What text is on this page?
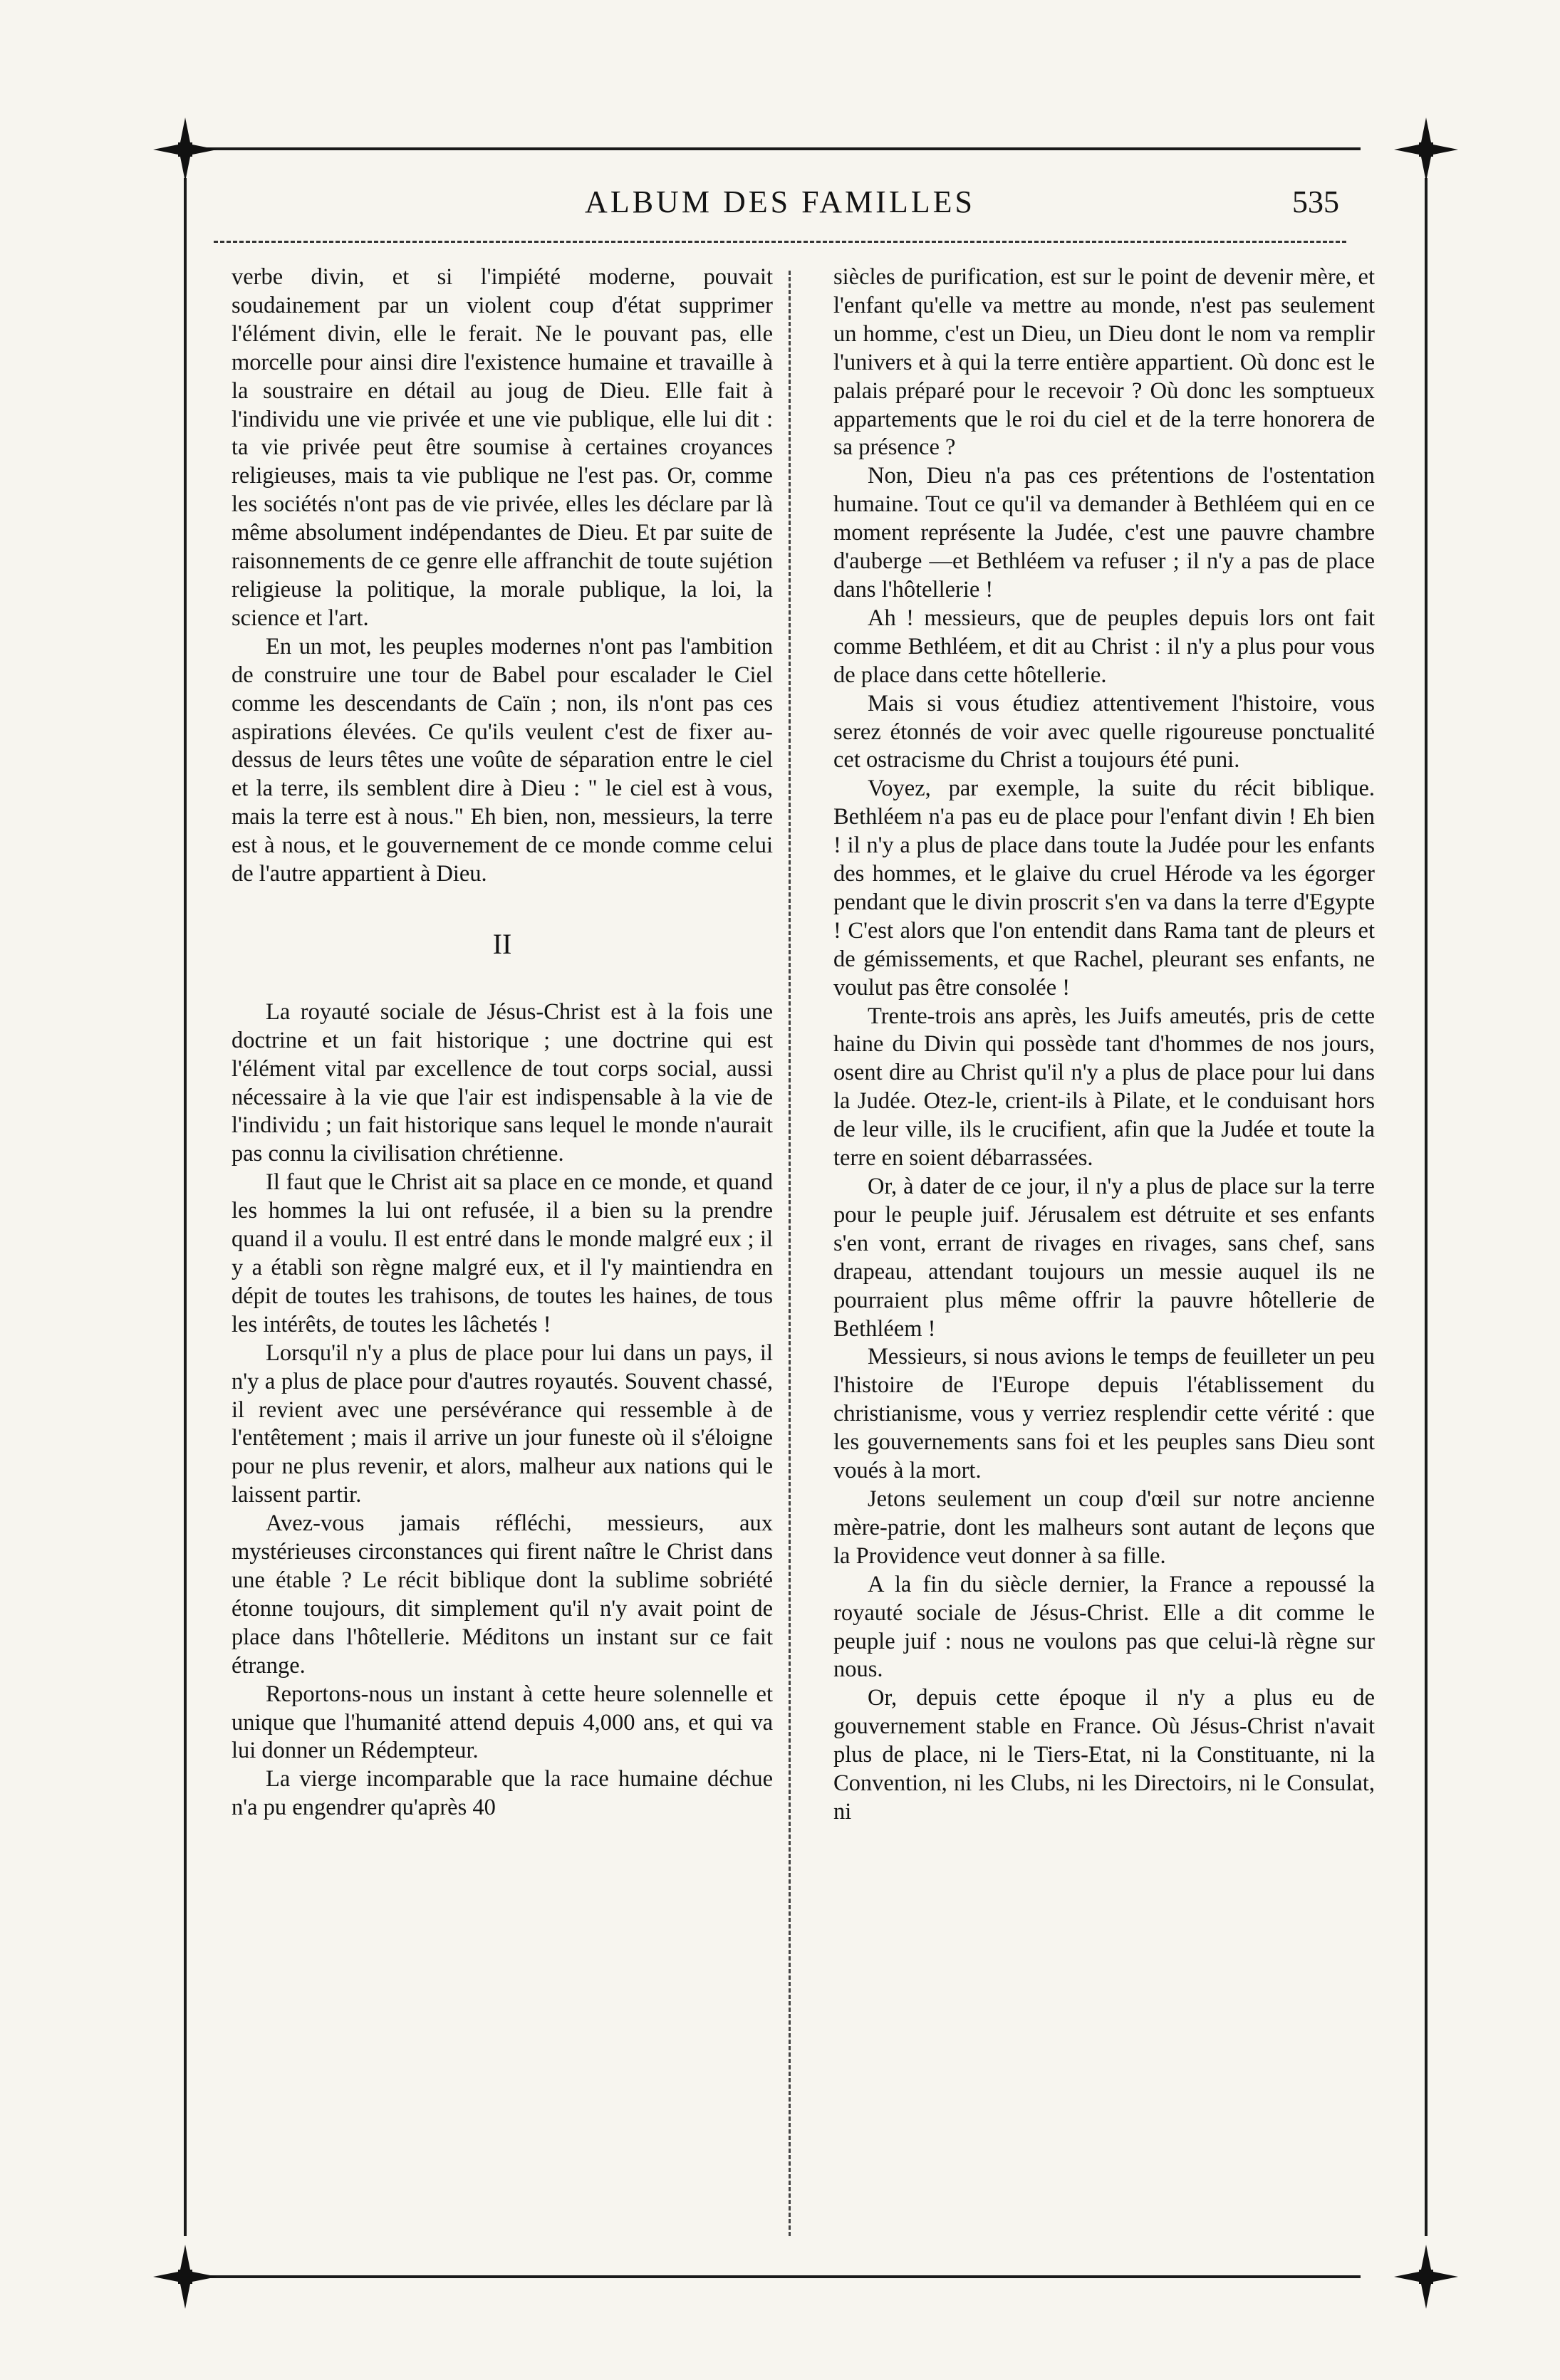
ALBUM DES FAMILLES	535

verbe divin, et si l'impiété moderne, pouvait soudainement par un violent coup d'état supprimer l'élément divin, elle le ferait. Ne le pouvant pas, elle morcelle pour ainsi dire l'existence humaine et travaille à la soustraire en détail au joug de Dieu. Elle fait à l'individu une vie privée et une vie publique, elle lui dit : ta vie privée peut être soumise à certaines croyances religieuses, mais ta vie publique ne l'est pas. Or, comme les sociétés n'ont pas de vie privée, elles les déclare par là même absolument indépendantes de Dieu. Et par suite de raisonnements de ce genre elle affranchit de toute sujétion religieuse la politique, la morale publique, la loi, la science et l'art.

En un mot, les peuples modernes n'ont pas l'ambition de construire une tour de Babel pour escalader le Ciel comme les descendants de Caïn ; non, ils n'ont pas ces aspirations élevées. Ce qu'ils veulent c'est de fixer au-dessus de leurs têtes une voûte de séparation entre le ciel et la terre, ils semblent dire à Dieu : " le ciel est à vous, mais la terre est à nous." Eh bien, non, messieurs, la terre est à nous, et le gouvernement de ce monde comme celui de l'autre appartient à Dieu.

II

La royauté sociale de Jésus-Christ est à la fois une doctrine et un fait historique ; une doctrine qui est l'élément vital par excellence de tout corps social, aussi nécessaire à la vie que l'air est indispensable à la vie de l'individu ; un fait historique sans lequel le monde n'aurait pas connu la civilisation chrétienne.

Il faut que le Christ ait sa place en ce monde, et quand les hommes la lui ont refusée, il a bien su la prendre quand il a voulu. Il est entré dans le monde malgré eux ; il y a établi son règne malgré eux, et il l'y maintiendra en dépit de toutes les trahisons, de toutes les haines, de tous les intérêts, de toutes les lâchetés !

Lorsqu'il n'y a plus de place pour lui dans un pays, il n'y a plus de place pour d'autres royautés. Souvent chassé, il revient avec une persévérance qui ressemble à de l'entêtement ; mais il arrive un jour funeste où il s'éloigne pour ne plus revenir, et alors, malheur aux nations qui le laissent partir.

Avez-vous jamais réfléchi, messieurs, aux mystérieuses circonstances qui firent naître le Christ dans une étable ? Le récit biblique dont la sublime sobriété étonne toujours, dit simplement qu'il n'y avait point de place dans l'hôtellerie. Méditons un instant sur ce fait étrange.

Reportons-nous un instant à cette heure solennelle et unique que l'humanité attend depuis 4,000 ans, et qui va lui donner un Rédempteur.

La vierge incomparable que la race humaine déchue n'a pu engendrer qu'après 40

siècles de purification, est sur le point de devenir mère, et l'enfant qu'elle va mettre au monde, n'est pas seulement un homme, c'est un Dieu, un Dieu dont le nom va remplir l'univers et à qui la terre entière appartient. Où donc est le palais préparé pour le recevoir ? Où donc les somptueux appartements que le roi du ciel et de la terre honorera de sa présence ?

Non, Dieu n'a pas ces prétentions de l'ostentation humaine. Tout ce qu'il va demander à Bethléem qui en ce moment représente la Judée, c'est une pauvre chambre d'auberge —et Bethléem va refuser ; il n'y a pas de place dans l'hôtellerie !

Ah ! messieurs, que de peuples depuis lors ont fait comme Bethléem, et dit au Christ : il n'y a plus pour vous de place dans cette hôtellerie.

Mais si vous étudiez attentivement l'histoire, vous serez étonnés de voir avec quelle rigoureuse ponctualité cet ostracisme du Christ a toujours été puni.

Voyez, par exemple, la suite du récit biblique. Bethléem n'a pas eu de place pour l'enfant divin ! Eh bien ! il n'y a plus de place dans toute la Judée pour les enfants des hommes, et le glaive du cruel Hérode va les égorger pendant que le divin proscrit s'en va dans la terre d'Egypte ! C'est alors que l'on entendit dans Rama tant de pleurs et de gémissements, et que Rachel, pleurant ses enfants, ne voulut pas être consolée !

Trente-trois ans après, les Juifs ameutés, pris de cette haine du Divin qui possède tant d'hommes de nos jours, osent dire au Christ qu'il n'y a plus de place pour lui dans la Judée. Otez-le, crient-ils à Pilate, et le conduisant hors de leur ville, ils le crucifient, afin que la Judée et toute la terre en soient débarrassées.

Or, à dater de ce jour, il n'y a plus de place sur la terre pour le peuple juif. Jérusalem est détruite et ses enfants s'en vont, errant de rivages en rivages, sans chef, sans drapeau, attendant toujours un messie auquel ils ne pourraient plus même offrir la pauvre hôtellerie de Bethléem !

Messieurs, si nous avions le temps de feuilleter un peu l'histoire de l'Europe depuis l'établissement du christianisme, vous y verriez resplendir cette vérité : que les gouvernements sans foi et les peuples sans Dieu sont voués à la mort.

Jetons seulement un coup d'œil sur notre ancienne mère-patrie, dont les malheurs sont autant de leçons que la Providence veut donner à sa fille.

A la fin du siècle dernier, la France a repoussé la royauté sociale de Jésus-Christ. Elle a dit comme le peuple juif : nous ne voulons pas que celui-là règne sur nous.

Or, depuis cette époque il n'y a plus eu de gouvernement stable en France. Où Jésus-Christ n'avait plus de place, ni le Tiers-Etat, ni la Constituante, ni la Convention, ni les Clubs, ni les Directoirs, ni le Consulat, ni
